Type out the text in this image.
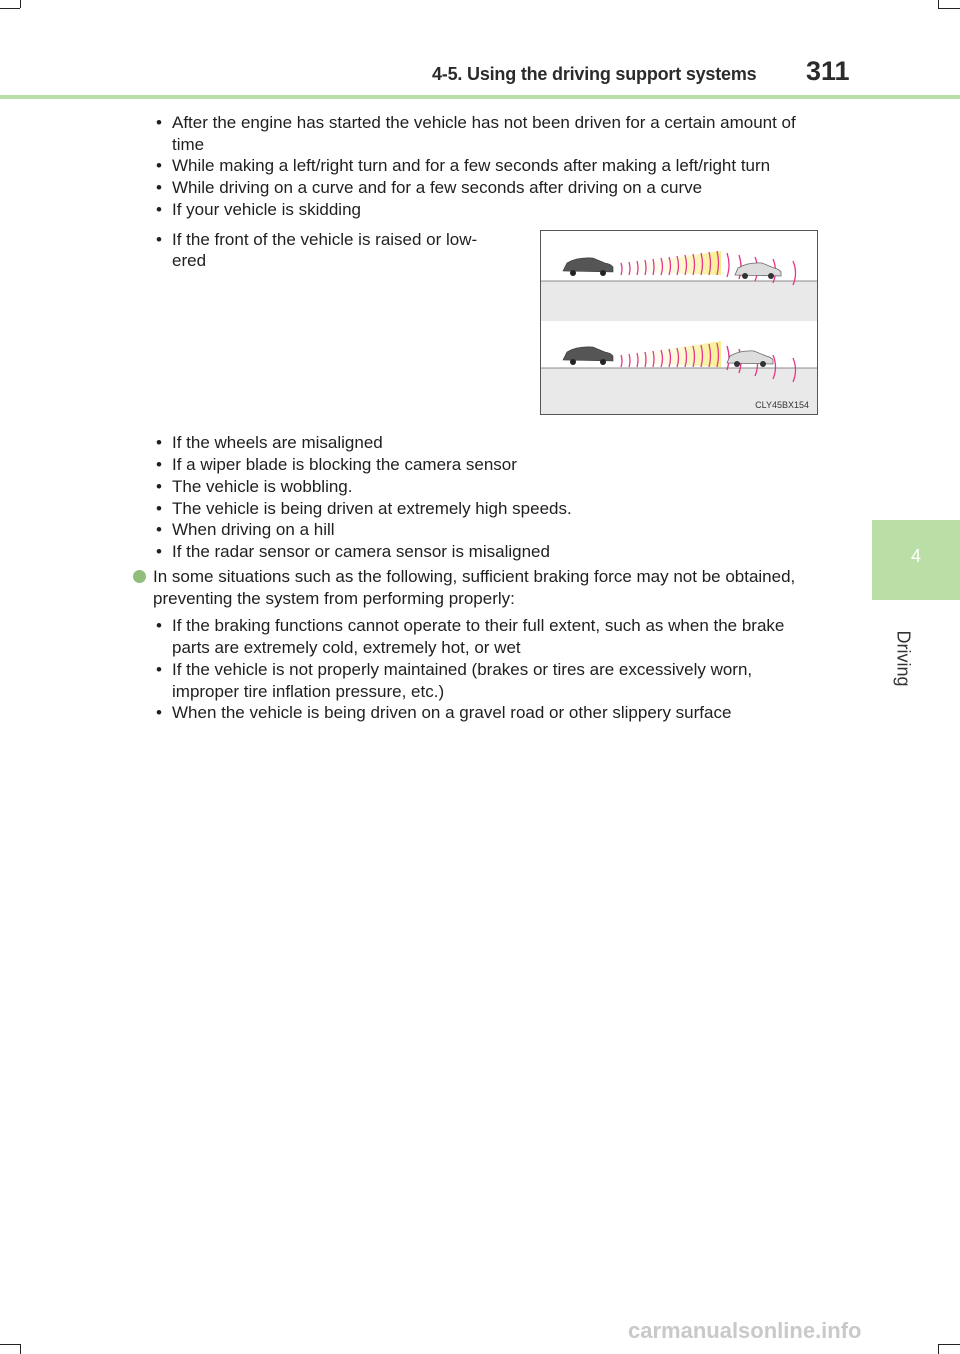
4-5. Using the driving support systems 311
4
Driving
• After the engine has started the vehicle has not been driven for a certain amount of
time
• While making a left/right turn and for a few seconds after making a left/right turn
• While driving on a curve and for a few seconds after driving on a curve
• If your vehicle is skidding
• If the front of the vehicle is raised or low-
ered
CLY45BX154
• If the wheels are misaligned
• If a wiper blade is blocking the camera sensor
• The vehicle is wobbling.
• The vehicle is being driven at extremely high speeds.
• When driving on a hill
• If the radar sensor or camera sensor is misaligned
In some situations such as the following, sufficient braking force may not be obtained,
preventing the system from performing properly:
• If the braking functions cannot operate to their full extent, such as when the brake
parts are extremely cold, extremely hot, or wet
• If the vehicle is not properly maintained (brakes or tires are excessively worn,
improper tire inflation pressure, etc.)
• When the vehicle is being driven on a gravel road or other slippery surface
carmanualsonline.info
